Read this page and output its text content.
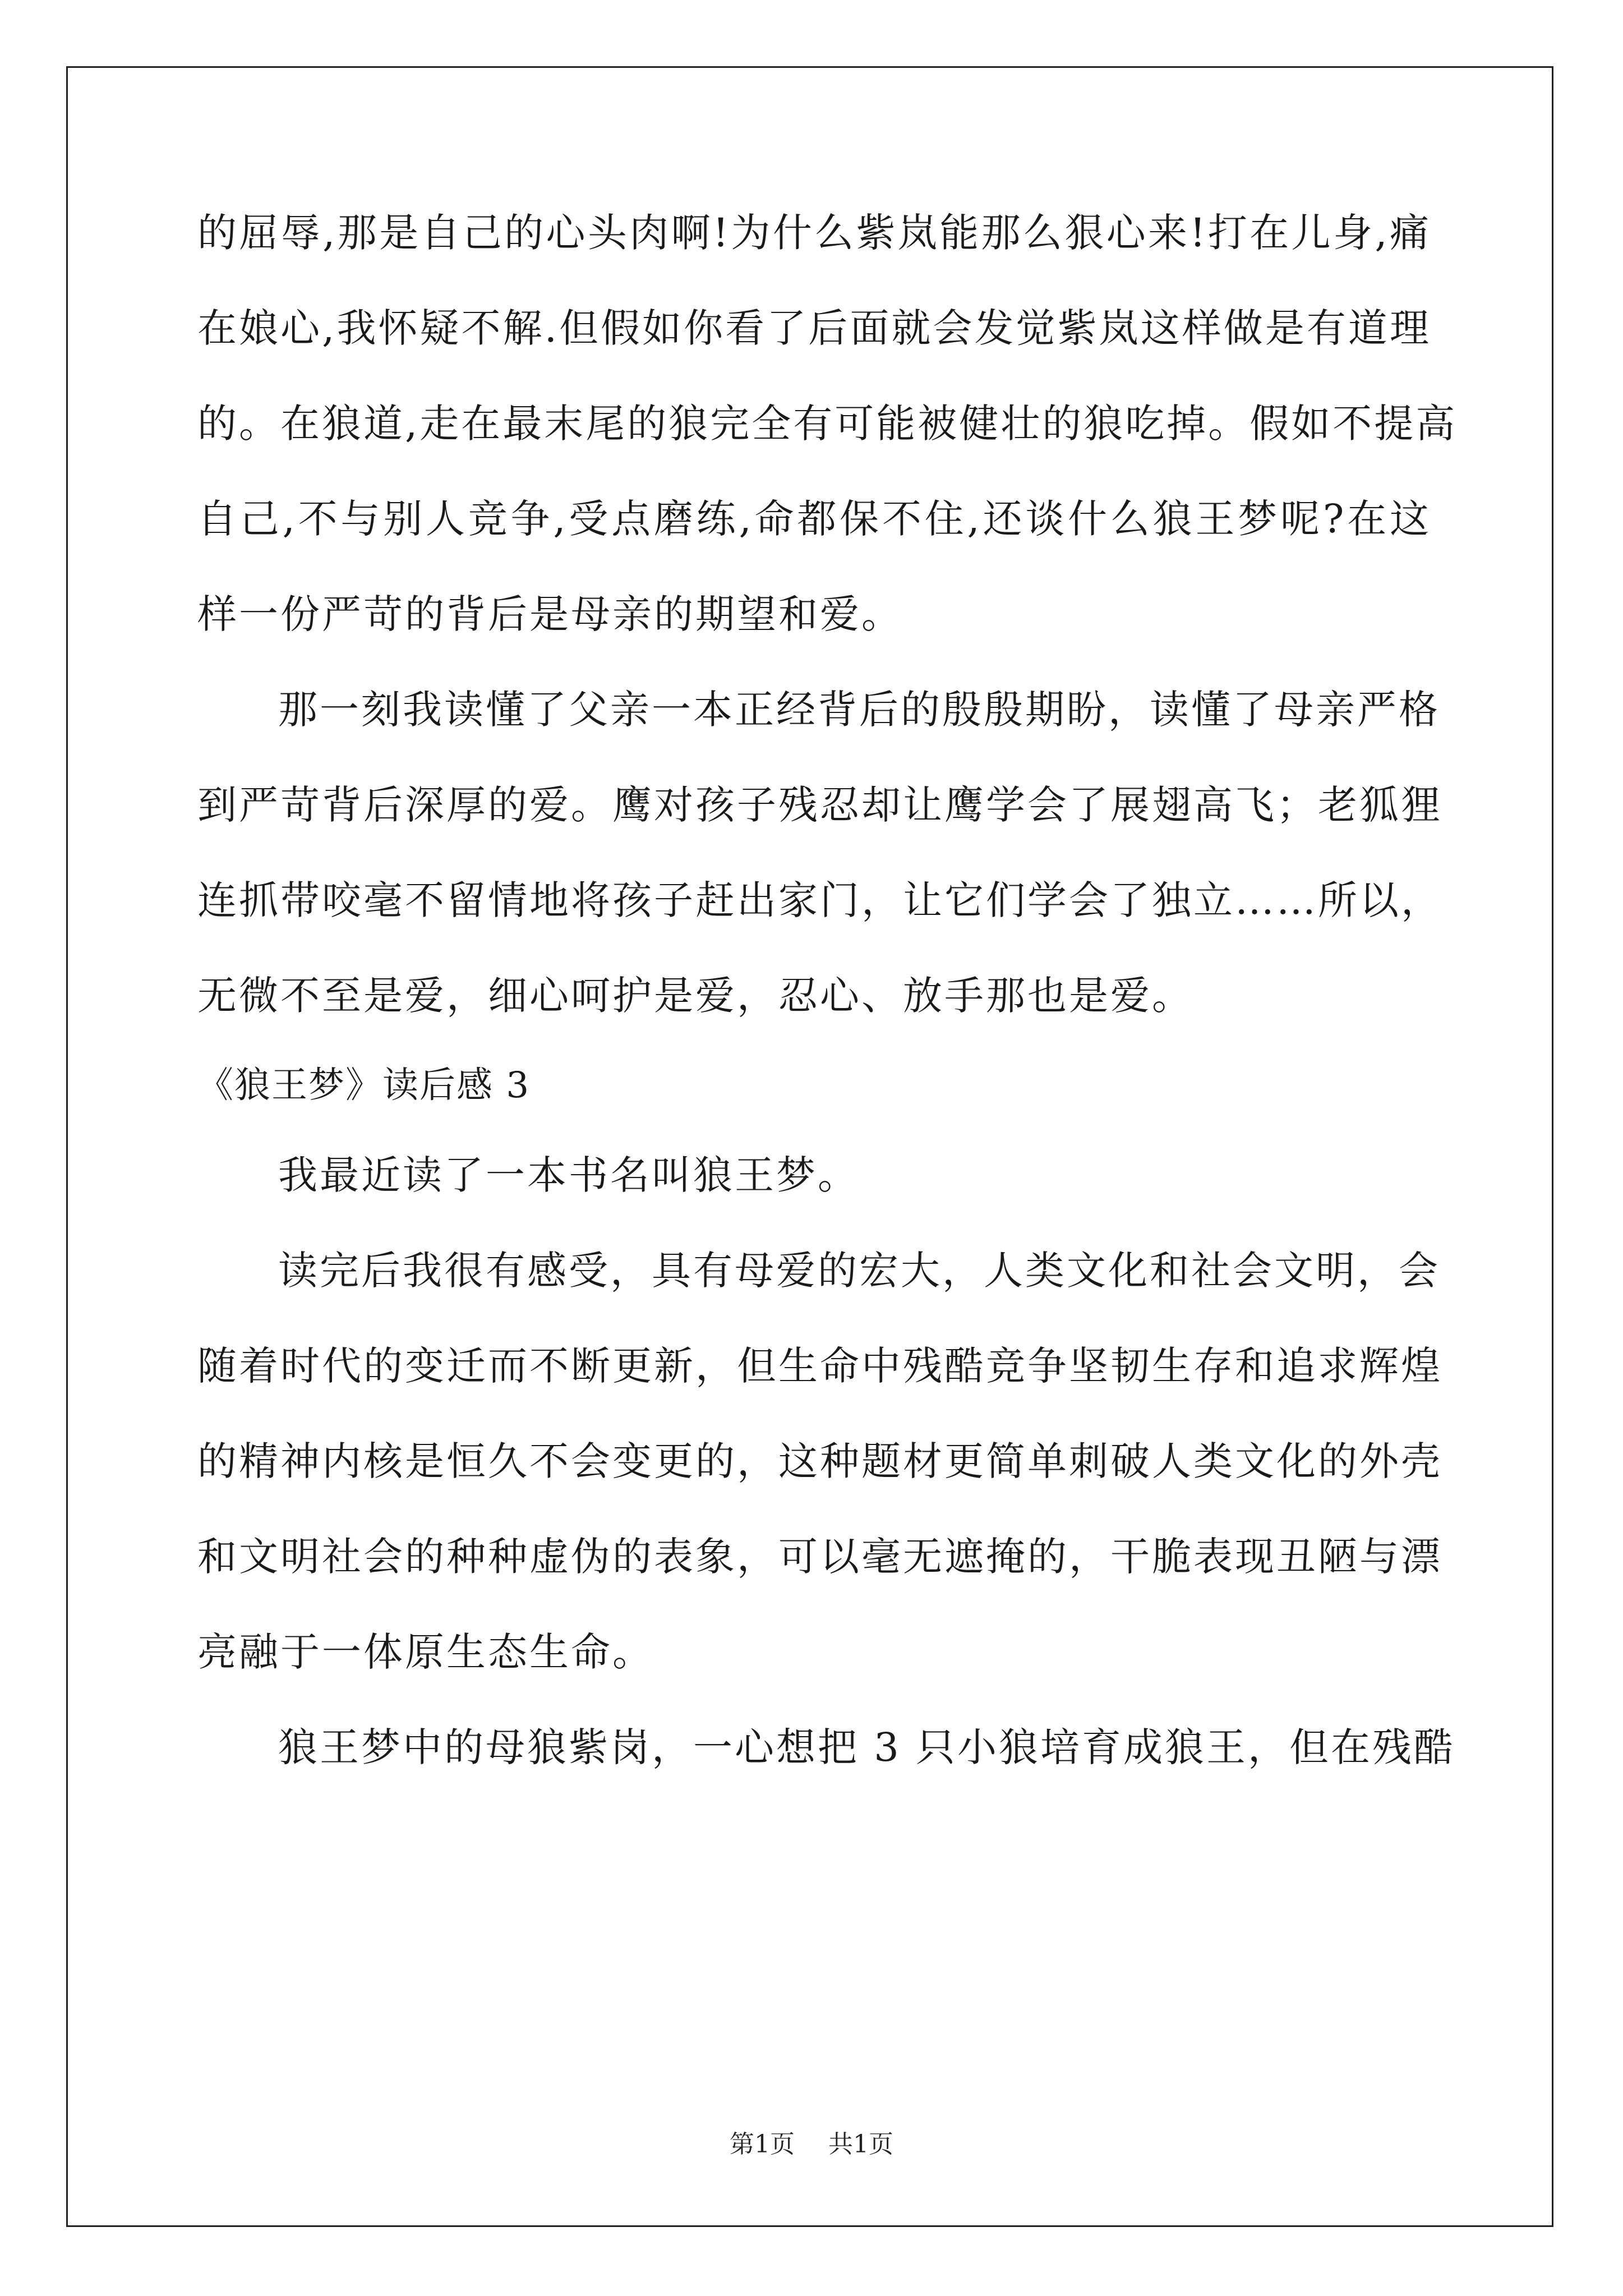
的屈辱,那是自己的心头肉啊!为什么紫岚能那么狠心来!打在儿身,痛
在娘心,我怀疑不解.但假如你看了后面就会发觉紫岚这样做是有道理
的。在狼道,走在最末尾的狼完全有可能被健壮的狼吃掉。假如不提高
自己,不与别人竞争,受点磨练,命都保不住,还谈什么狼王梦呢?在这
样一份严苛的背后是母亲的期望和爱。
那一刻我读懂了父亲一本正经背后的殷殷期盼，读懂了母亲严格
到严苛背后深厚的爱。鹰对孩子残忍却让鹰学会了展翅高飞；老狐狸
连抓带咬毫不留情地将孩子赶出家门，让它们学会了独立……所以，
无微不至是爱，细心呵护是爱，忍心、放手那也是爱。
《狼王梦》读后感 3
我最近读了一本书名叫狼王梦。
读完后我很有感受，具有母爱的宏大，人类文化和社会文明，会
随着时代的变迁而不断更新，但生命中残酷竞争坚韧生存和追求辉煌
的精神内核是恒久不会变更的，这种题材更简单刺破人类文化的外壳
和文明社会的种种虚伪的表象，可以毫无遮掩的，干脆表现丑陋与漂
亮融于一体原生态生命。
狼王梦中的母狼紫岗，一心想把 3 只小狼培育成狼王，但在残酷
第1页 共1页
